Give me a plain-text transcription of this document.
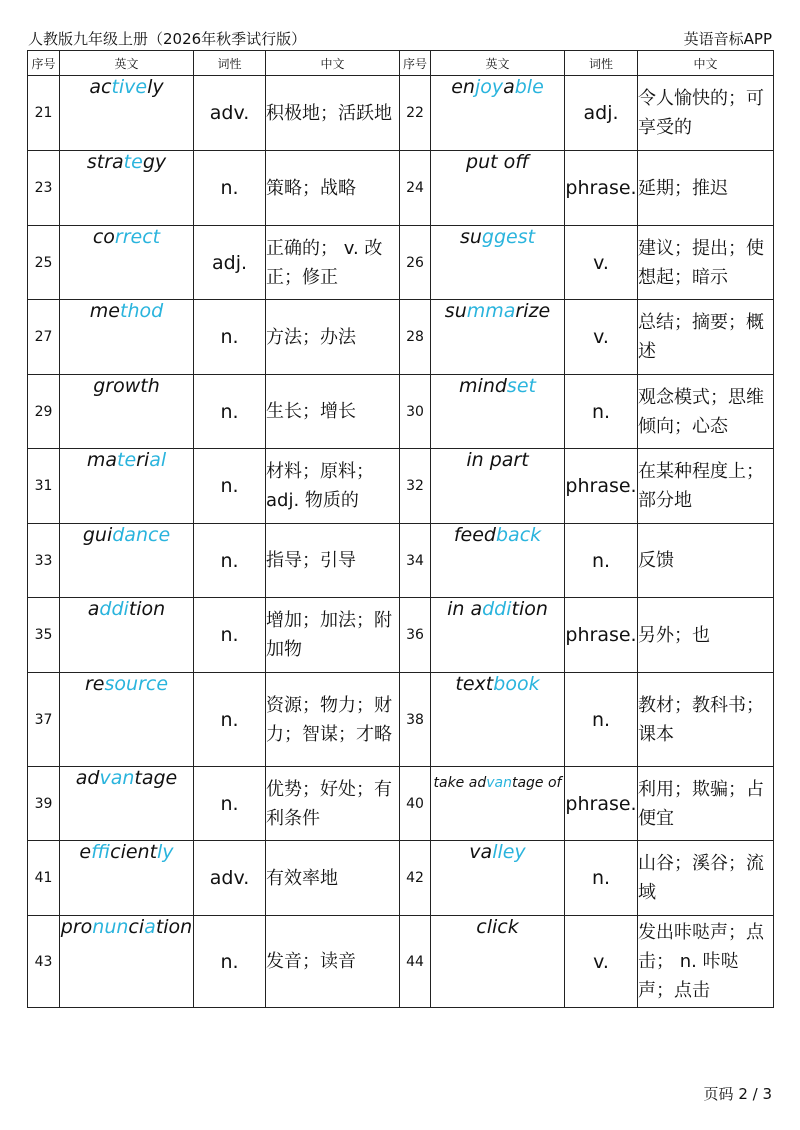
人教版九年级上册（2026年秋季试行版）	英语音标APP
序号	英文	词性	中文	序号	英文	词性	中文
21	actively	adv.	积极地；活跃地	22	enjoyable	adj.	令人愉快的；可享受的
23	strategy	n.	策略；战略	24	put off	phrase.	延期；推迟
25	correct	adj.	正确的； v. 改正；修正	26	suggest	v.	建议；提出；使想起；暗示
27	method	n.	方法；办法	28	summarize	v.	总结；摘要；概述
29	growth	n.	生长；增长	30	mindset	n.	观念模式；思维倾向；心态
31	material	n.	材料；原料；adj. 物质的	32	in part	phrase.	在某种程度上；部分地
33	guidance	n.	指导；引导	34	feedback	n.	反馈
35	addition	n.	增加；加法；附加物	36	in addition	phrase.	另外；也
37	resource	n.	资源；物力；财力；智谋；才略	38	textbook	n.	教材；教科书；课本
39	advantage	n.	优势；好处；有利条件	40	take advantage of	phrase.	利用；欺骗；占便宜
41	efficiently	adv.	有效率地	42	valley	n.	山谷；溪谷；流域
43	pronunciation	n.	发音；读音	44	click	v.	发出咔哒声；点击； n. 咔哒声；点击
页码 2 / 3
